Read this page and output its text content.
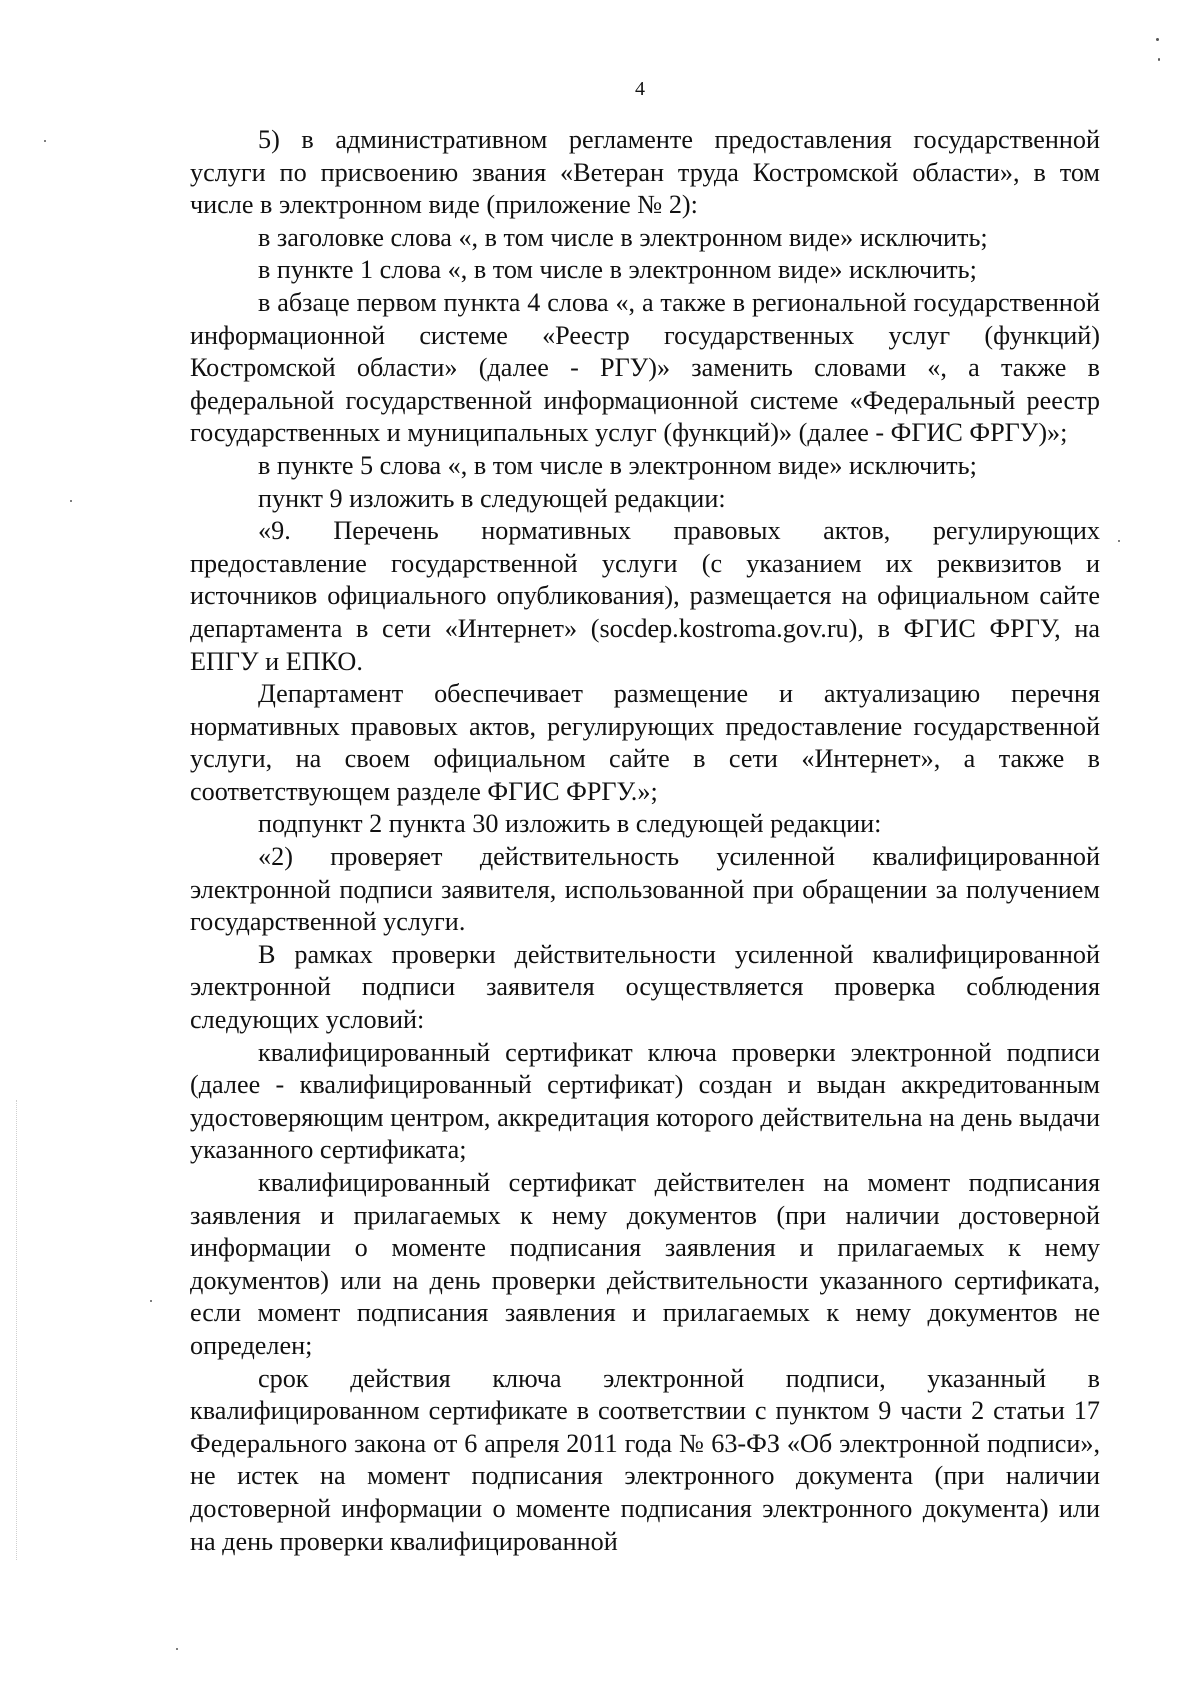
4

5) в административном регламенте предоставления государственной услуги по присвоению звания «Ветеран труда Костромской области», в том числе в электронном виде (приложение № 2):

в заголовке слова «, в том числе в электронном виде» исключить;

в пункте 1 слова «, в том числе в электронном виде» исключить;

в абзаце первом пункта 4 слова «, а также в региональной государственной информационной системе «Реестр государственных услуг (функций) Костромской области» (далее - РГУ)» заменить словами «, а также в федеральной государственной информационной системе «Федеральный реестр государственных и муниципальных услуг (функций)» (далее - ФГИС ФРГУ)»;

в пункте 5 слова «, в том числе в электронном виде» исключить;

пункт 9 изложить в следующей редакции:

«9. Перечень нормативных правовых актов, регулирующих предоставление государственной услуги (с указанием их реквизитов и источников официального опубликования), размещается на официальном сайте департамента в сети «Интернет» (socdep.kostroma.gov.ru), в ФГИС ФРГУ, на ЕПГУ и ЕПКО.

Департамент обеспечивает размещение и актуализацию перечня нормативных правовых актов, регулирующих предоставление государственной услуги, на своем официальном сайте в сети «Интернет», а также в соответствующем разделе ФГИС ФРГУ.»;

подпункт 2 пункта 30 изложить в следующей редакции:

«2) проверяет действительность усиленной квалифицированной электронной подписи заявителя, использованной при обращении за получением государственной услуги.

В рамках проверки действительности усиленной квалифицированной электронной подписи заявителя осуществляется проверка соблюдения следующих условий:

квалифицированный сертификат ключа проверки электронной подписи (далее - квалифицированный сертификат) создан и выдан аккредитованным удостоверяющим центром, аккредитация которого действительна на день выдачи указанного сертификата;

квалифицированный сертификат действителен на момент подписания заявления и прилагаемых к нему документов (при наличии достоверной информации о моменте подписания заявления и прилагаемых к нему документов) или на день проверки действительности указанного сертификата, если момент подписания заявления и прилагаемых к нему документов не определен;

срок действия ключа электронной подписи, указанный в квалифицированном сертификате в соответствии с пунктом 9 части 2 статьи 17 Федерального закона от 6 апреля 2011 года № 63-ФЗ «Об электронной подписи», не истек на момент подписания электронного документа (при наличии достоверной информации о моменте подписания электронного документа) или на день проверки квалифицированной
